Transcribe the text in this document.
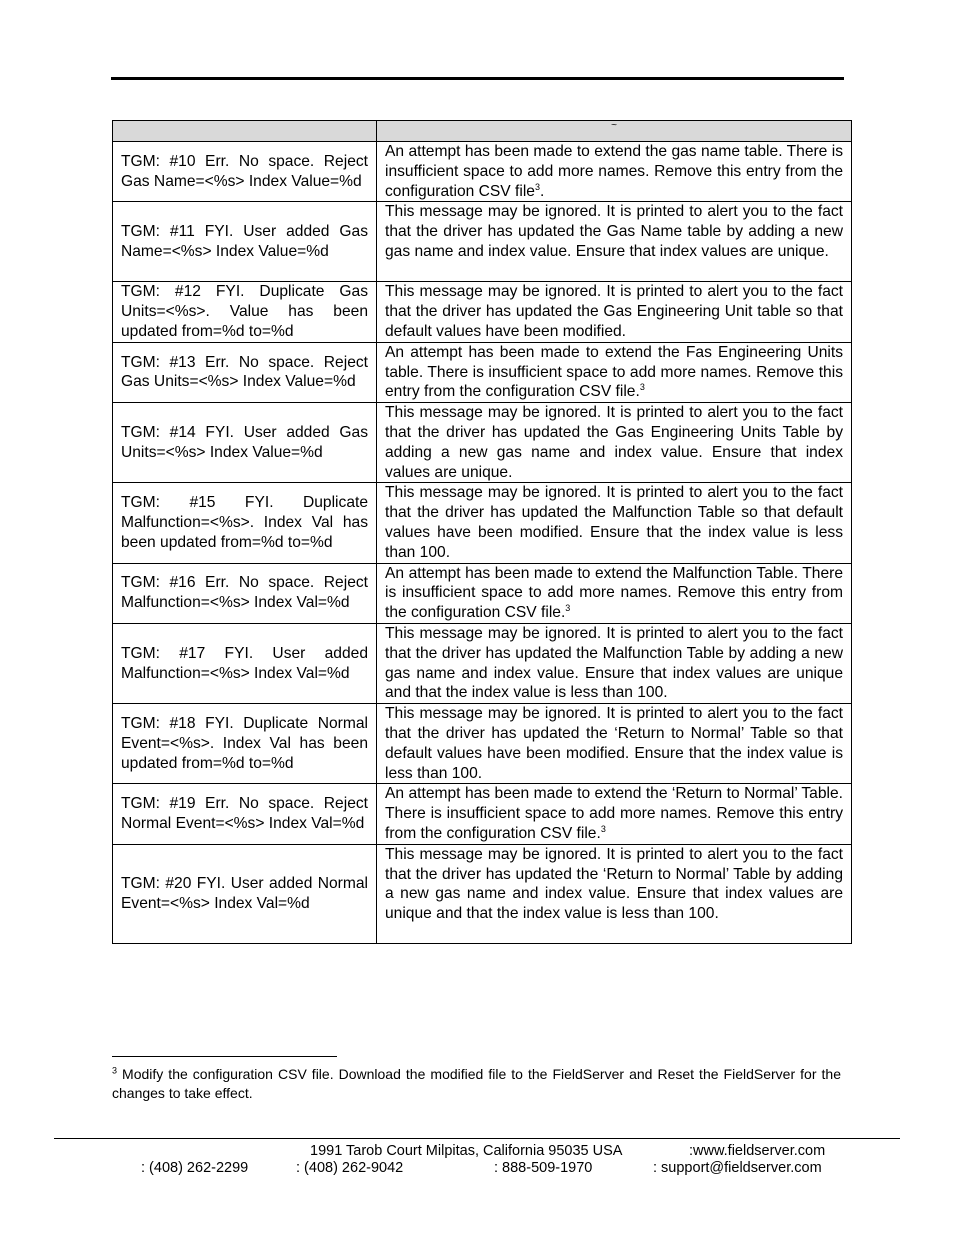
	~
TGM: #10 Err. No space. Reject Gas Name=<%s> Index Value=%d	An attempt has been made to extend the gas name table. There is insufficient space to add more names. Remove this entry from the configuration CSV file$^3$.
TGM: #11 FYI. User added Gas Name=<%s> Index Value=%d	This message may be ignored. It is printed to alert you to the fact that the driver has updated the Gas Name table by adding a new gas name and index value. Ensure that index values are unique.
TGM: #12 FYI. Duplicate Gas Units=<%s>. Value has been updated from=%d to=%d	This message may be ignored. It is printed to alert you to the fact that the driver has updated the Gas Engineering Unit table so that default values have been modified.
TGM: #13 Err. No space. Reject Gas Units=<%s> Index Value=%d	An attempt has been made to extend the Fas Engineering Units table. There is insufficient space to add more names. Remove this entry from the configuration CSV file.$^3$
TGM: #14 FYI. User added Gas Units=<%s> Index Value=%d	This message may be ignored. It is printed to alert you to the fact that the driver has updated the Gas Engineering Units Table by adding a new gas name and index value. Ensure that index values are unique.
TGM: #15 FYI. Duplicate Malfunction=<%s>. Index Val has been updated from=%d to=%d	This message may be ignored. It is printed to alert you to the fact that the driver has updated the Malfunction Table so that default values have been modified. Ensure that the index value is less than 100.
TGM: #16 Err. No space. Reject Malfunction=<%s> Index Val=%d	An attempt has been made to extend the Malfunction Table. There is insufficient space to add more names. Remove this entry from the configuration CSV file.$^3$
TGM: #17 FYI. User added Malfunction=<%s> Index Val=%d	This message may be ignored. It is printed to alert you to the fact that the driver has updated the Malfunction Table by adding a new gas name and index value. Ensure that index values are unique and that the index value is less than 100.
TGM: #18 FYI. Duplicate Normal Event=<%s>. Index Val has been updated from=%d to=%d	This message may be ignored. It is printed to alert you to the fact that the driver has updated the ‘Return to Normal’ Table so that default values have been modified. Ensure that the index value is less than 100.
TGM: #19 Err. No space. Reject Normal Event=<%s> Index Val=%d	An attempt has been made to extend the ‘Return to Normal’ Table. There is insufficient space to add more names. Remove this entry from the configuration CSV file.$^3$
TGM: #20 FYI. User added Normal Event=<%s> Index Val=%d	This message may be ignored. It is printed to alert you to the fact that the driver has updated the ‘Return to Normal’ Table by adding a new gas name and index value. Ensure that index values are unique and that the index value is less than 100.
$^3$ Modify the configuration CSV file. Download the modified file to the FieldServer and Reset the FieldServer for the changes to take effect.
1991 Tarob Court Milpitas, California 95035 USA	:www.fieldserver.com
: (408) 262-2299	: (408) 262-9042	: 888-509-1970	: support@fieldserver.com
